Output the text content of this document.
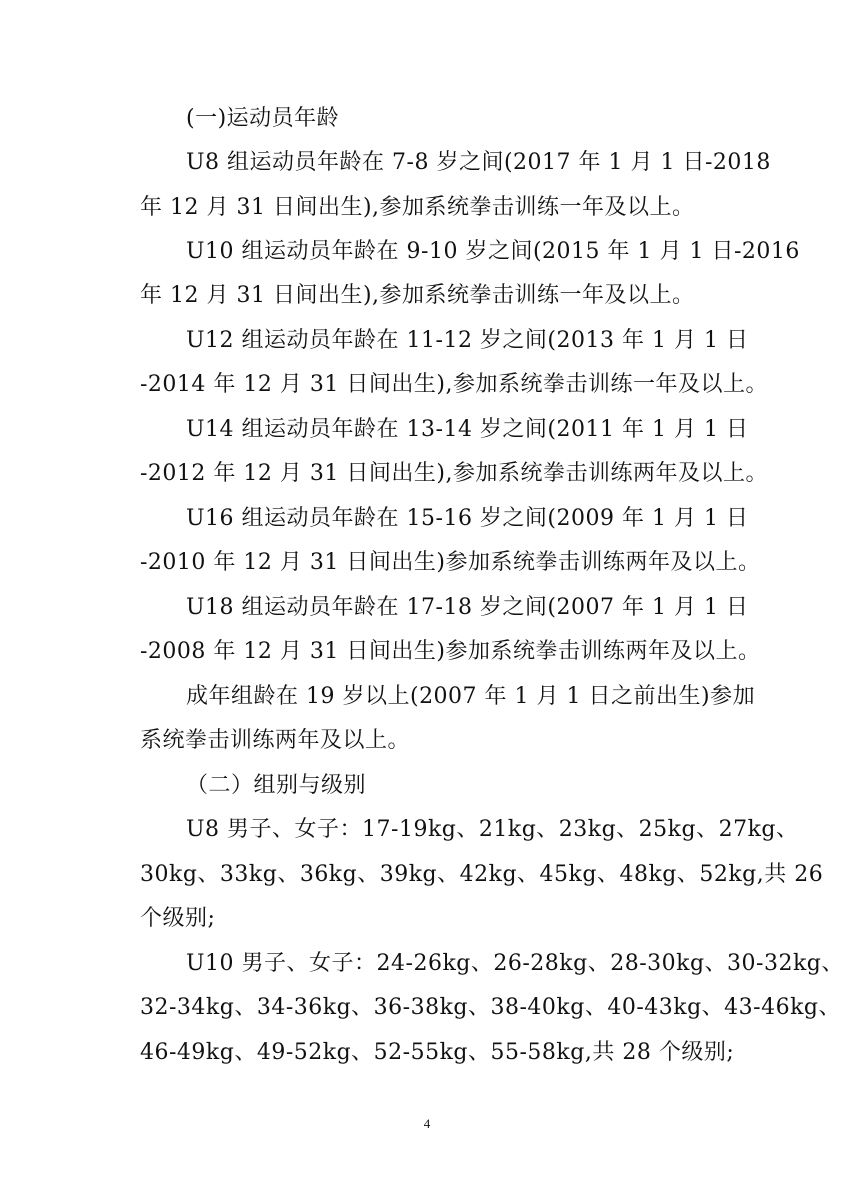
(一)运动员年龄
U8 组运动员年龄在 7-8 岁之间(2017 年 1 月 1 日-2018
年 12 月 31 日间出生),参加系统拳击训练一年及以上。
U10 组运动员年龄在 9-10 岁之间(2015 年 1 月 1 日-2016
年 12 月 31 日间出生),参加系统拳击训练一年及以上。
U12 组运动员年龄在 11-12 岁之间(2013 年 1 月 1 日
-2014 年 12 月 31 日间出生),参加系统拳击训练一年及以上。
U14 组运动员年龄在 13-14 岁之间(2011 年 1 月 1 日
-2012 年 12 月 31 日间出生),参加系统拳击训练两年及以上。
U16 组运动员年龄在 15-16 岁之间(2009 年 1 月 1 日
-2010 年 12 月 31 日间出生)参加系统拳击训练两年及以上。
U18 组运动员年龄在 17-18 岁之间(2007 年 1 月 1 日
-2008 年 12 月 31 日间出生)参加系统拳击训练两年及以上。
成年组龄在 19 岁以上(2007 年 1 月 1 日之前出生)参加
系统拳击训练两年及以上。
（二）组别与级别
U8 男子、女子：17-19kg、21kg、23kg、25kg、27kg、
30kg、33kg、36kg、39kg、42kg、45kg、48kg、52kg,共 26
个级别;
U10 男子、女子：24-26kg、26-28kg、28-30kg、30-32kg、
32-34kg、34-36kg、36-38kg、38-40kg、40-43kg、43-46kg、
46-49kg、49-52kg、52-55kg、55-58kg,共 28 个级别;
4
